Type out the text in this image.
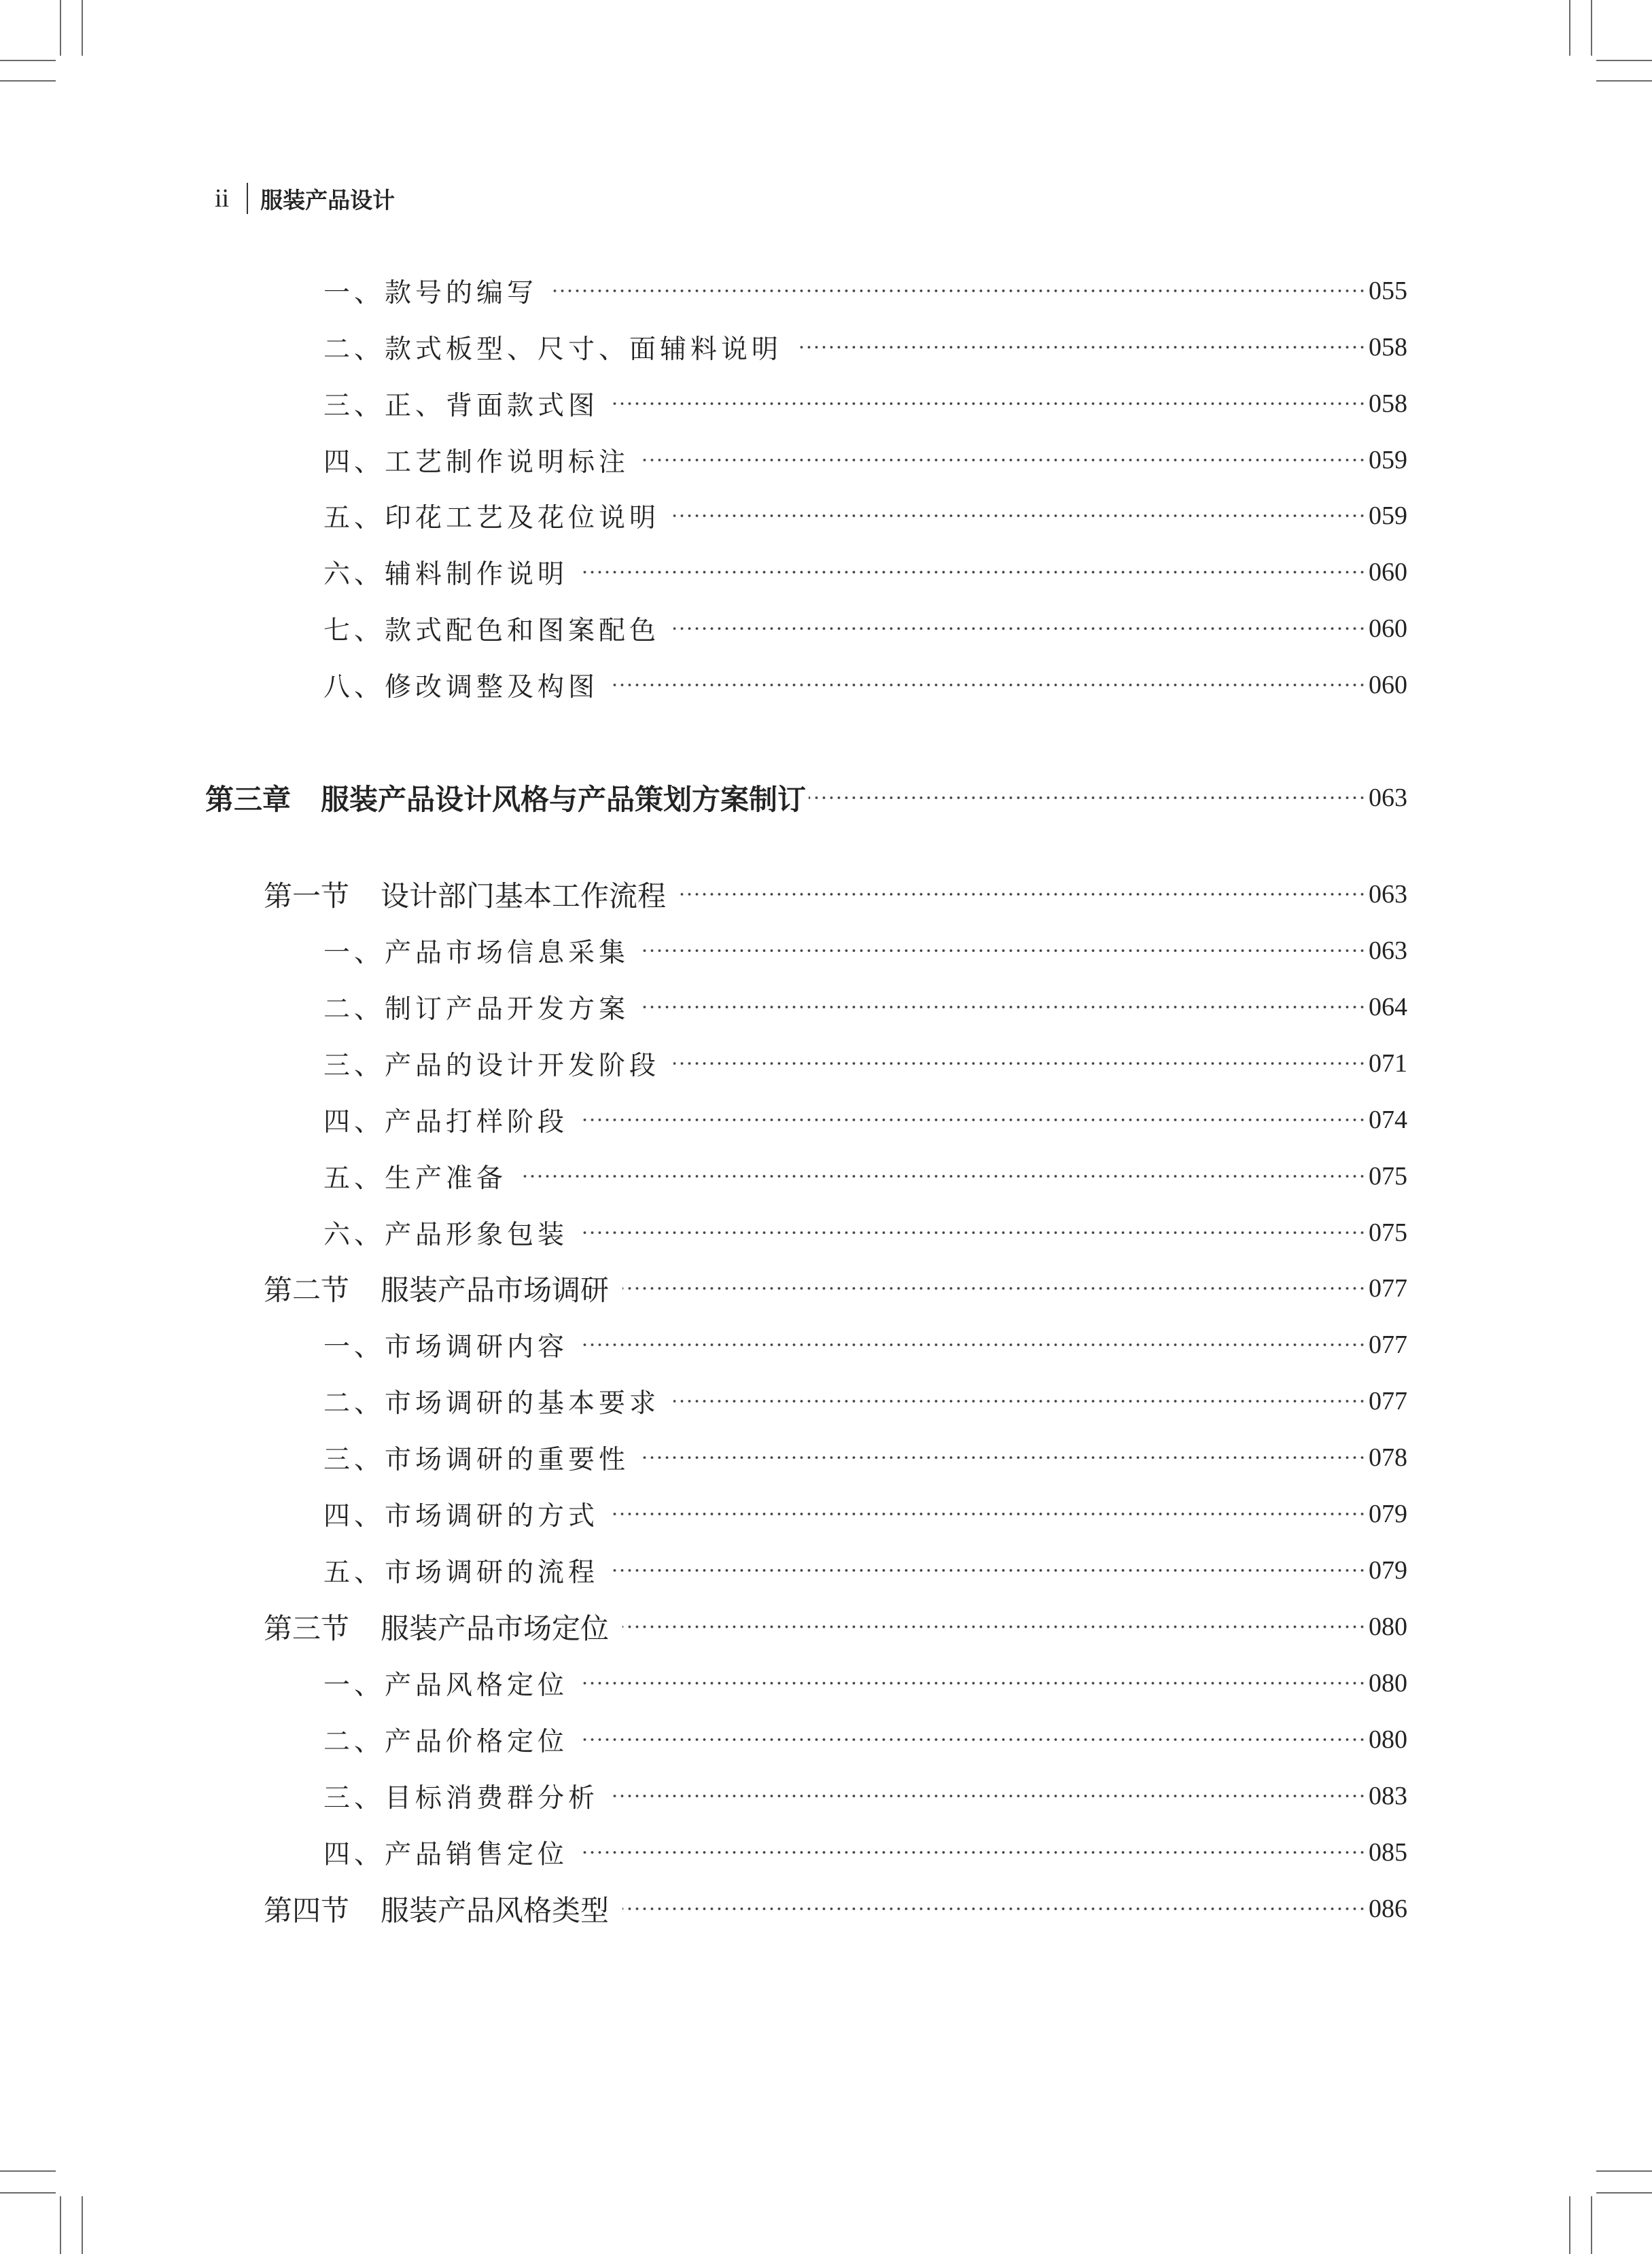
ii 服装产品设计
一、款号的编写	055
二、款式板型、尺寸、面辅料说明	058
三、正、背面款式图	058
四、工艺制作说明标注	059
五、印花工艺及花位说明	059
六、辅料制作说明	060
七、款式配色和图案配色	060
八、修改调整及构图	060
第三章 服装产品设计风格与产品策划方案制订	063
第一节 设计部门基本工作流程	063
一、产品市场信息采集	063
二、制订产品开发方案	064
三、产品的设计开发阶段	071
四、产品打样阶段	074
五、生产准备	075
六、产品形象包装	075
第二节 服装产品市场调研	077
一、市场调研内容	077
二、市场调研的基本要求	077
三、市场调研的重要性	078
四、市场调研的方式	079
五、市场调研的流程	079
第三节 服装产品市场定位	080
一、产品风格定位	080
二、产品价格定位	080
三、目标消费群分析	083
四、产品销售定位	085
第四节 服装产品风格类型	086
